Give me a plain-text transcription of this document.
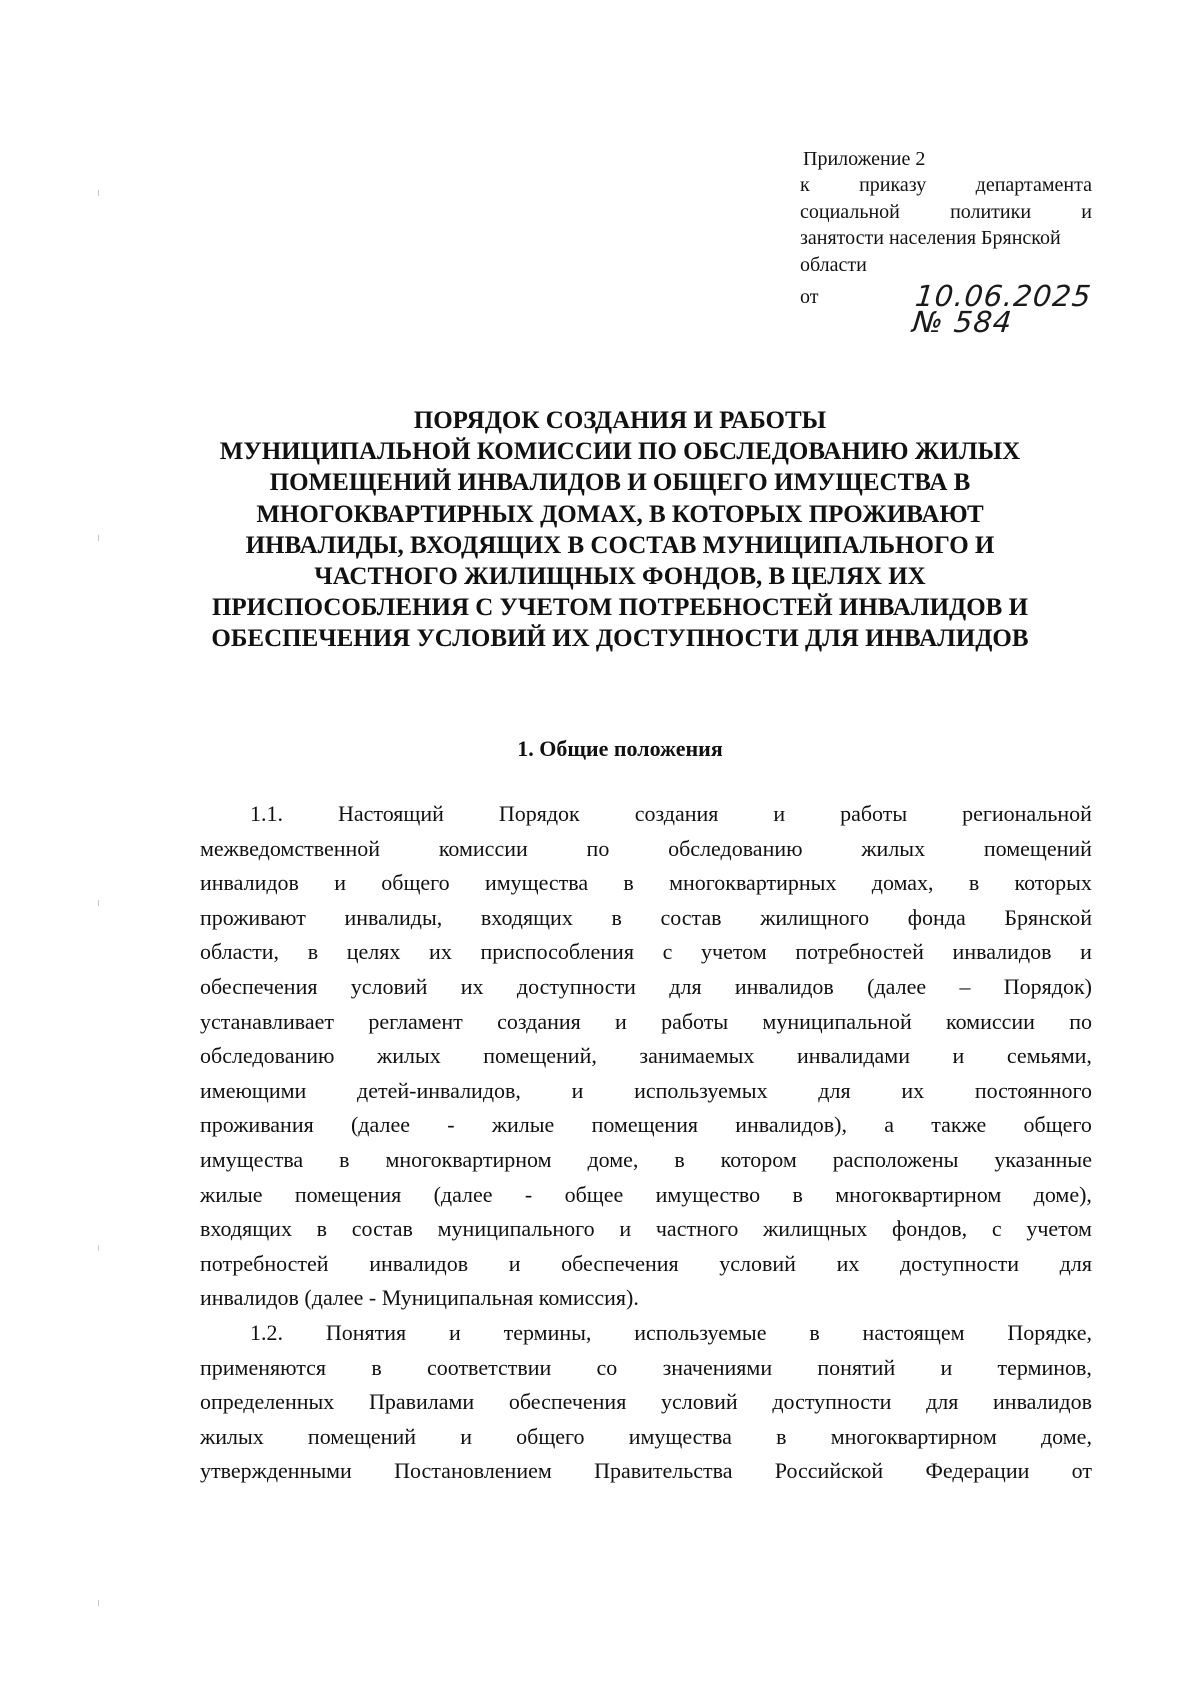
Приложение 2
к приказу департамента
социальной	политики	и
занятости населения Брянской
области
от	10.06.2025 № 584
ПОРЯДОК СОЗДАНИЯ И РАБОТЫ
МУНИЦИПАЛЬНОЙ КОМИССИИ ПО ОБСЛЕДОВАНИЮ ЖИЛЫХ
ПОМЕЩЕНИЙ ИНВАЛИДОВ И ОБЩЕГО ИМУЩЕСТВА В
МНОГОКВАРТИРНЫХ ДОМАХ, В КОТОРЫХ ПРОЖИВАЮТ
ИНВАЛИДЫ, ВХОДЯЩИХ В СОСТАВ МУНИЦИПАЛЬНОГО И
ЧАСТНОГО ЖИЛИЩНЫХ ФОНДОВ, В ЦЕЛЯХ ИХ
ПРИСПОСОБЛЕНИЯ С УЧЕТОМ ПОТРЕБНОСТЕЙ ИНВАЛИДОВ И
ОБЕСПЕЧЕНИЯ УСЛОВИЙ ИХ ДОСТУПНОСТИ ДЛЯ ИНВАЛИДОВ
1. Общие положения
1.1. Настоящий Порядок создания и работы региональной
межведомственной	комиссии	по	обследованию	жилых	помещений
инвалидов и общего имущества в многоквартирных домах, в которых
проживают инвалиды, входящих в состав жилищного фонда Брянской
области, в целях их приспособления с учетом потребностей инвалидов и
обеспечения условий их доступности для инвалидов (далее – Порядок)
устанавливает регламент создания и работы муниципальной комиссии по
обследованию жилых помещений, занимаемых инвалидами и семьями,
имеющими детей-инвалидов, и используемых для их постоянного
проживания (далее - жилые помещения инвалидов), а также общего
имущества в многоквартирном доме, в котором расположены указанные
жилые помещения (далее - общее имущество в многоквартирном доме),
входящих в состав муниципального и частного жилищных фондов, с учетом
потребностей инвалидов и обеспечения условий их доступности для
инвалидов (далее - Муниципальная комиссия).
1.2. Понятия и термины, используемые в настоящем Порядке,
применяются в соответствии со значениями понятий и терминов,
определенных Правилами обеспечения условий доступности для инвалидов
жилых помещений и общего имущества в многоквартирном доме,
утвержденными Постановлением Правительства Российской Федерации от
